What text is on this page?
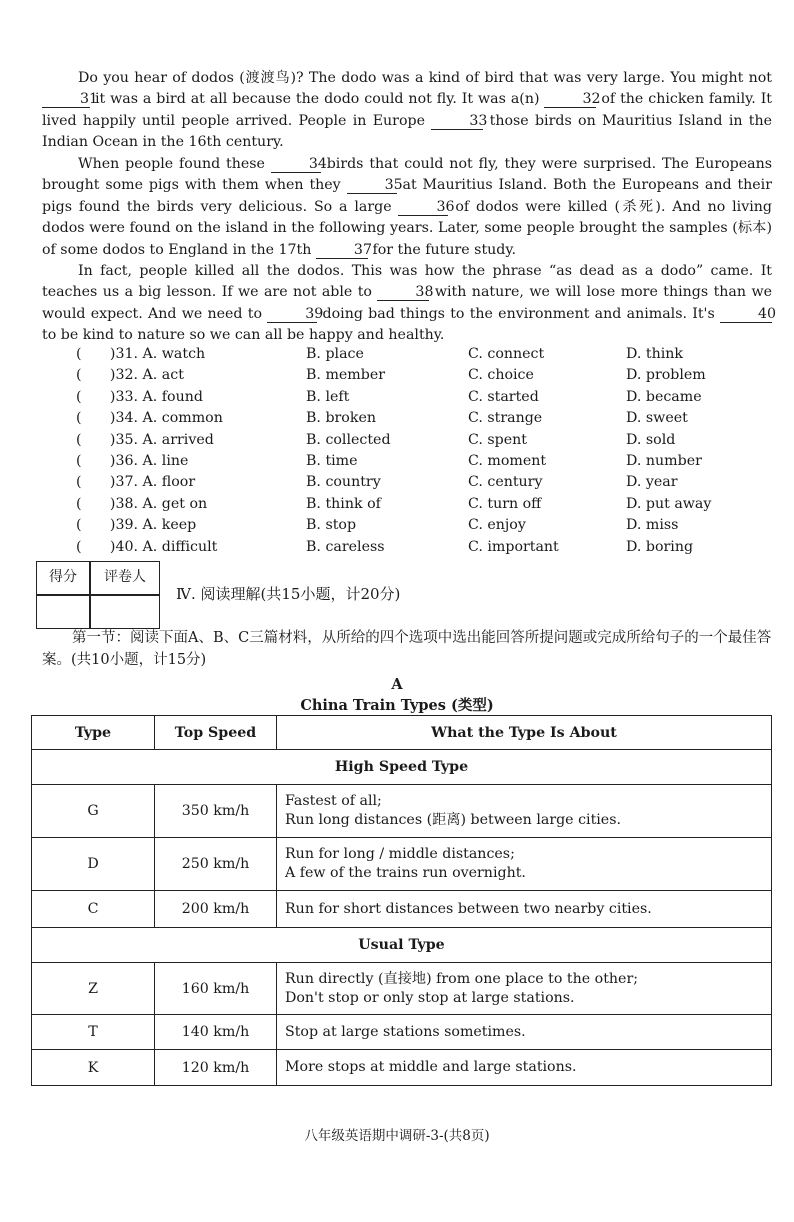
Do you hear of dodos (渡渡鸟)? The dodo was a kind of bird that was very large. You might not 31 it was a bird at all because the dodo could not fly. It was a(n)	32 of the chicken family. It lived happily until people arrived. People in Europe	33 those birds on Mauritius Island in the Indian Ocean in the 16th century.
When people found these	34 birds that could not fly, they were surprised. The Europeans brought some pigs with them when they	35 at Mauritius Island. Both the Europeans and their pigs found the birds very delicious. So a large	36 of dodos were killed (杀死). And no living dodos were found on the island in the following years. Later, some people brought the samples (标本) of some dodos to England in the 17th	37 for the future study.
In fact, people killed all the dodos. This was how the phrase “as dead as a dodo” came. It teaches us a big lesson. If we are not able to	38 with nature, we will lose more things than we would expect. And we need to	39 doing bad things to the environment and animals. It's	40 to be kind to nature so we can all be happy and healthy.
(　　)31. A. watch	B. place	C. connect	D. think
(　　)32. A. act	B. member	C. choice	D. problem
(　　)33. A. found	B. left	C. started	D. became
(　　)34. A. common	B. broken	C. strange	D. sweet
(　　)35. A. arrived	B. collected	C. spent	D. sold
(　　)36. A. line	B. time	C. moment	D. number
(　　)37. A. floor	B. country	C. century	D. year
(　　)38. A. get on	B. think of	C. turn off	D. put away
(　　)39. A. keep	B. stop	C. enjoy	D. miss
(　　)40. A. difficult	B. careless	C. important	D. boring
得分	评卷人
Ⅳ. 阅读理解(共15小题，计20分)
第一节：阅读下面A、B、C三篇材料，从所给的四个选项中选出能回答所提问题或完成所给句子的一个最佳答案。(共10小题，计15分)
A
China Train Types (类型)
Type	Top Speed	What the Type Is About
High Speed Type		
G	350 km/h	Fastest of all;
Run long distances (距离) between large cities.

D	250 km/h	Run for long / middle distances;
A few of the trains run overnight.

C	200 km/h	Run for short distances between two nearby cities.
Usual Type		
Z	160 km/h	Run directly (直接地) from one place to the other;
Don't stop or only stop at large stations.

T	140 km/h	Stop at large stations sometimes.
K	120 km/h	More stops at middle and large stations.
八年级英语期中调研-3-(共8页)
